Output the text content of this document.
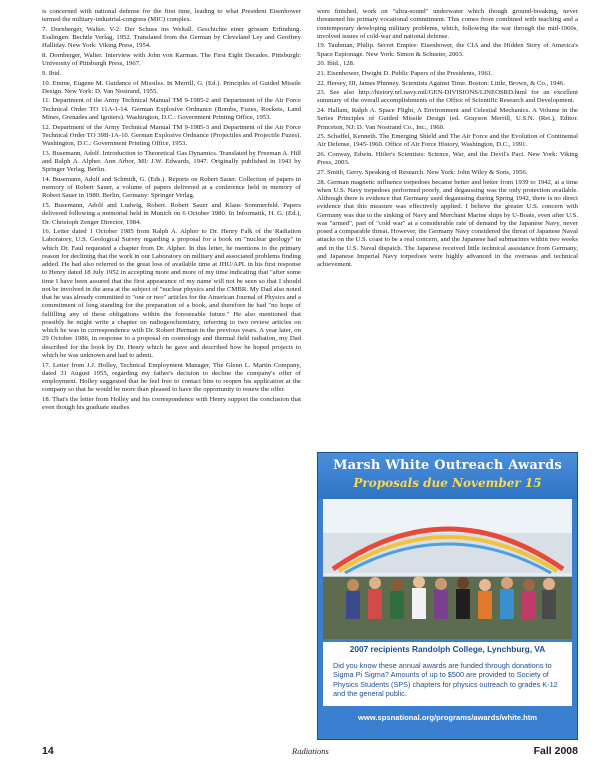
is concerned with national defense for the first time, leading to what President Eisenhower termed the military-industrial-congress (MIC) complex.

7. Dornberger, Walter. V-2: Der Schuss ins Weltall. Geschichte einer grossen Erfindung. Esslingen: Bechtle Verlag, 1952. Translated from the German by Cleveland Ley and Geoffrey Halliday. New York: Viking Press, 1954.

8. Dornberger, Walter. Interview with John von Karman. The First Eight Decades. Pittsburgh: University of Pittsburgh Press, 1967.

9. Ibid.

10. Emme, Eugene M. Guidance of Missiles. In Merrill, G. (Ed.). Principles of Guided Missile Design. New York: D. Van Nostrand, 1955.

11. Department of the Army Technical Manual TM 9-1985-2 and Department of the Air Force Technical Order TO 11A-1-14. German Explosive Ordnance (Bombs, Fuzes, Rockets, Land Mines, Grenades and Igniters). Washington, D.C.: Government Printing Office, 1953.

12. Department of the Army Technical Manual TM 9-1985-3 and Department of the Air Force Technical Order TO 39B-1A-10. German Explosive Ordnance (Projectiles and Projectile Fuzes). Washington, D.C.: Government Printing Office, 1953.

13. Busemann, Adolf. Introduction to Theoretical Gas Dynamics. Translated by Freeman A. Hill and Ralph A. Alpher. Ann Arbor, MI: J.W. Edwards, 1947. Originally published in 1943 by Springer Verlag, Berlin.

14. Busemann, Adolf and Schmidt, G. (Eds.). Reports on Robert Sauer. Collection of papers in memory of Robert Sauer, a volume of papers delivered at a conference held in memory of Robert Sauer in 1980. Berlin, Germany: Springer Verlag.

15. Busemann, Adolf and Ludwig, Robert. Robert Sauer and Klaus Sommerfeld. Papers delivered following a memorial held in Munich on 6 October 1980. In Informatik, H. G. (Ed.), Dr. Christoph Zenger Director, 1984.

16. Letter dated 1 October 1985 from Ralph A. Alpher to Dr. Henry Falk of the Radiation Laboratory, U.S. Geological Survey regarding a proposal for a book on "nuclear geology" in which Dr. Faul requested a chapter from Dr. Alpher. In this letter, he mentions to the primary reason for declining that the work in our Laboratory on military and associated problems finding added. He had also referred to the great loss of available time at JHU/APL in his first response to Henry dated 18 July 1952 in accepting more and more of my time indicating that "after some time I have been assured that the first appearance of my name will not be seen so that I should not be involved in the area at the subject of "nuclear physics and the CMBR. My Dad also noted that he was already committed to "one or two" articles for the American Journal of Physics and a commitment of long standing for the preparation of a book, and therefore he had "no hope of fulfilling any of these obligations within the foreseeable future." He also mentioned that possibly he might write a chapter on radiogeochemistry, referring to two review articles on which he was in correspondence with Dr. Robert Herman in the previous years. A year later, on 29 October 1986, in response to a proposal on cosmology and thermal field radiation, my Dad described for the book by Dr. Henry which he gave and described how he hoped projects to which he was unknown and had to admit.

17. Letter from J.J. Holley, Technical Employment Manager, The Glenn L. Martin Company, dated 31 August 1955, regarding my father's decision to decline the company's offer of employment. Holley suggested that he feel free to contact him to reopen his application at the company so that he would be more than pleased to have the opportunity to renew the offer.

18. That's the letter from Holley and his correspondence with Henry support the conclusion that even though his graduate studies

were finished, work on "ultra-sound" underwater which though ground-breaking, never threatened his primary vocational commitment. This comes from combined with teaching and a contemporary developing military problems, which, following the war through the mid-1960s, involved issues of cold-war and national defense.

19. Taubman, Philip. Secret Empire: Eisenhower, the CIA and the Hidden Story of America's Space Espionage. New York: Simon & Schuster, 2003.

20. Ibid., 128.

21. Eisenhower, Dwight D. Public Papers of the Presidents, 1961.

22. Hersey, III, James Phinney. Scientists Against Time. Boston: Little, Brown, & Co., 1946.

23. See also http://history.nrl.navy.mil/GEN-DIVISIONS/LINEOSRD.html for an excellent summary of the overall accomplishments of the Office of Scientific Research and Development.

24. Hallam, Ralph A. Space Flight, A Environment and Celestial Mechanics. A Volume in the Series Principles of Guided Missile Design (ed. Grayson Merrill, U.S.N. (Ret.), Editor. Princeton, NJ: D. Van Nostrand Co., Inc., 1960.

25. Schaffel, Kenneth. The Emerging Shield and The Air Force and the Evolution of Continental Air Defense, 1945-1960. Office of Air Force History, Washington, D.C., 1991.

26. Conway, Edwin. Hitler's Scientists: Science, War, and the Devil's Pact. New York: Viking Press, 2003.

27. Smith, Gerry. Speaking of Research. New York: John Wiley & Sons, 1956.

28. German magnetic influence torpedoes became better and better from 1939 to 1942, at a time when U.S. Navy torpedoes performed poorly, and degaussing was the only protection available. Although there is evidence that Germany used degaussing during Spring 1942, there is no direct evidence that this measure was effectively applied. I believe the greater U.S. concern with Germany was due to the sinking of Navy and Merchant Marine ships by U-Boats, even after U.S. was "armed", part of "cold war" at a considerable rate of demand by the Japanese Navy, never posed a comparable threat. However, the Germany Navy considered the threat of Japanese Naval attacks on the U.S. coast to be a real concern, and the Japanese had submarines within two weeks and in the U.S. Naval dispatch. The Japanese received little technical assistance from Germany, and Japanese Imperial Navy torpedoes were highly advanced in the overseas and technical achievement.

Marsh White Outreach Awards
Proposals due November 15
2007 recipients Randolph College, Lynchburg, VA
Did you know these annual awards are funded through donations to Sigma Pi Sigma? Amounts of up to $500 are provided to Society of Physics Students (SPS) chapters for physics outreach to grades K-12 and the general public.
www.spsnational.org/programs/awards/white.htm
14	Radiations	Fall 2008
